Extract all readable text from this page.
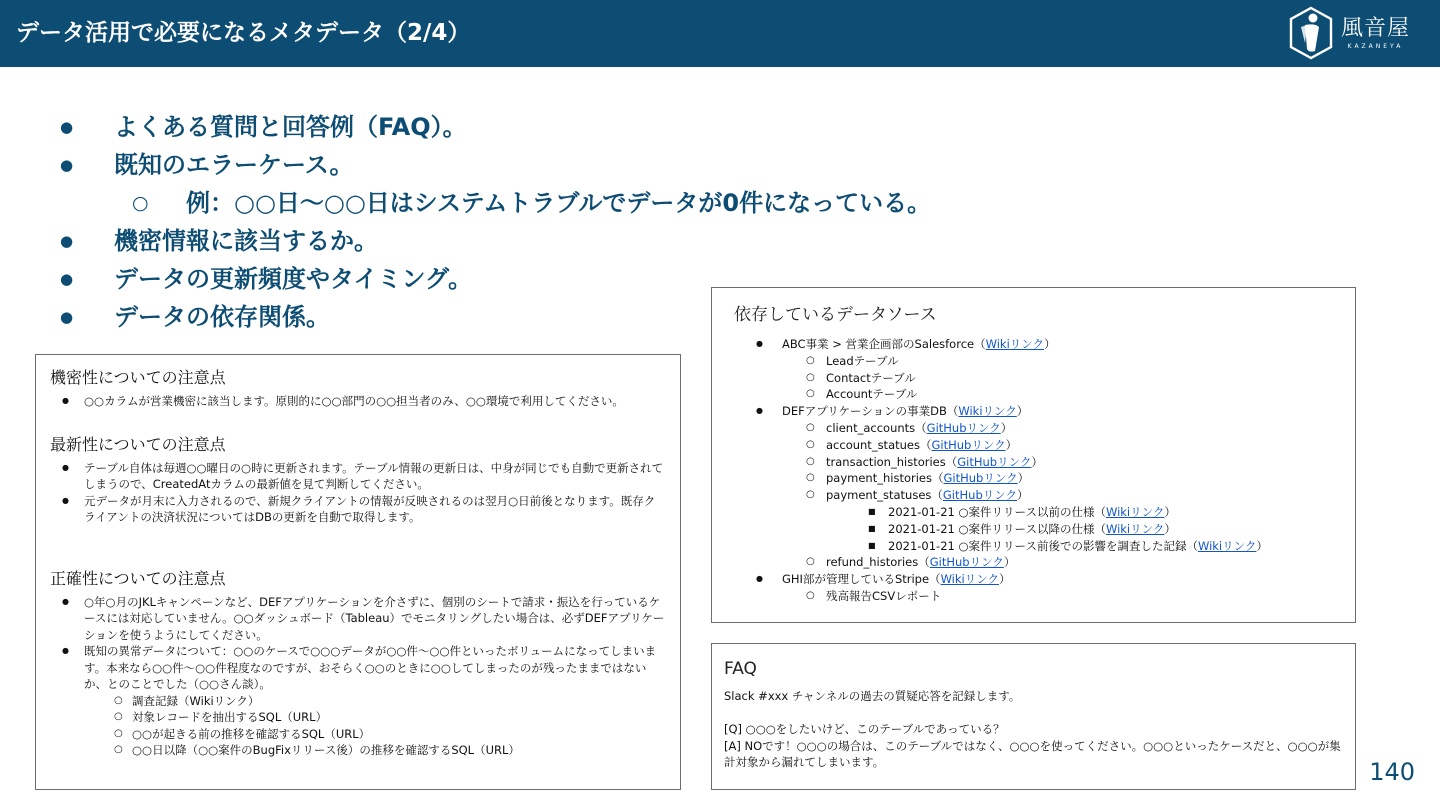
データ活用で必要になるメタデータ（2/4）	風音屋
KAZANEYA
● よくある質問と回答例（FAQ）。
● 既知のエラーケース。
○ 例：○○日〜○○日はシステムトラブルでデータが0件になっている。
● 機密情報に該当するか。
● データの更新頻度やタイミング。
● データの依存関係。
機密性についての注意点
● ○○カラムが営業機密に該当します。原則的に○○部門の○○担当者のみ、○○環境で利用してください。
最新性についての注意点
● テーブル自体は毎週○○曜日の○時に更新されます。テーブル情報の更新日は、中身が同じでも自動で更新されてしまうので、CreatedAtカラムの最新値を見て判断してください。
● 元データが月末に入力されるので、新規クライアントの情報が反映されるのは翌月○日前後となります。既存クライアントの決済状況についてはDBの更新を自動で取得します。
正確性についての注意点
● ○年○月のJKLキャンペーンなど、DEFアプリケーションを介さずに、個別のシートで請求・振込を行っているケースには対応していません。○○ダッシュボード（Tableau）でモニタリングしたい場合は、必ずDEFアプリケーションを使うようにしてください。
● 既知の異常データについて：○○のケースで○○○データが○○件〜○○件といったボリュームになってしまいます。本来なら○○件〜○○件程度なのですが、おそらく○○のときに○○してしまったのが残ったままではないか、とのことでした（○○さん談）。
○ 調査記録（Wikiリンク）
○ 対象レコードを抽出するSQL（URL）
○ ○○が起きる前の推移を確認するSQL（URL）
○ ○○日以降（○○案件のBugFixリリース後）の推移を確認するSQL（URL）
依存しているデータソース
● ABC事業 > 営業企画部のSalesforce（Wikiリンク）
○ Leadテーブル
○ Contactテーブル
○ Accountテーブル
● DEFアプリケーションの事業DB（Wikiリンク）
○ client_accounts（GitHubリンク）
○ account_statues（GitHubリンク）
○ transaction_histories（GitHubリンク）
○ payment_histories（GitHubリンク）
○ payment_statuses（GitHubリンク）
■ 2021-01-21 ○案件リリース以前の仕様（Wikiリンク）
■ 2021-01-21 ○案件リリース以降の仕様（Wikiリンク）
■ 2021-01-21 ○案件リリース前後での影響を調査した記録（Wikiリンク）
○ refund_histories（GitHubリンク）
● GHI部が管理しているStripe（Wikiリンク）
○ 残高報告CSVレポート
FAQ
Slack #xxx チャンネルの過去の質疑応答を記録します。
[Q] ○○○をしたいけど、このテーブルであっている？
[A] NOです！○○○の場合は、このテーブルではなく、○○○を使ってください。○○○といったケースだと、○○○が集計対象から漏れてしまいます。	140
